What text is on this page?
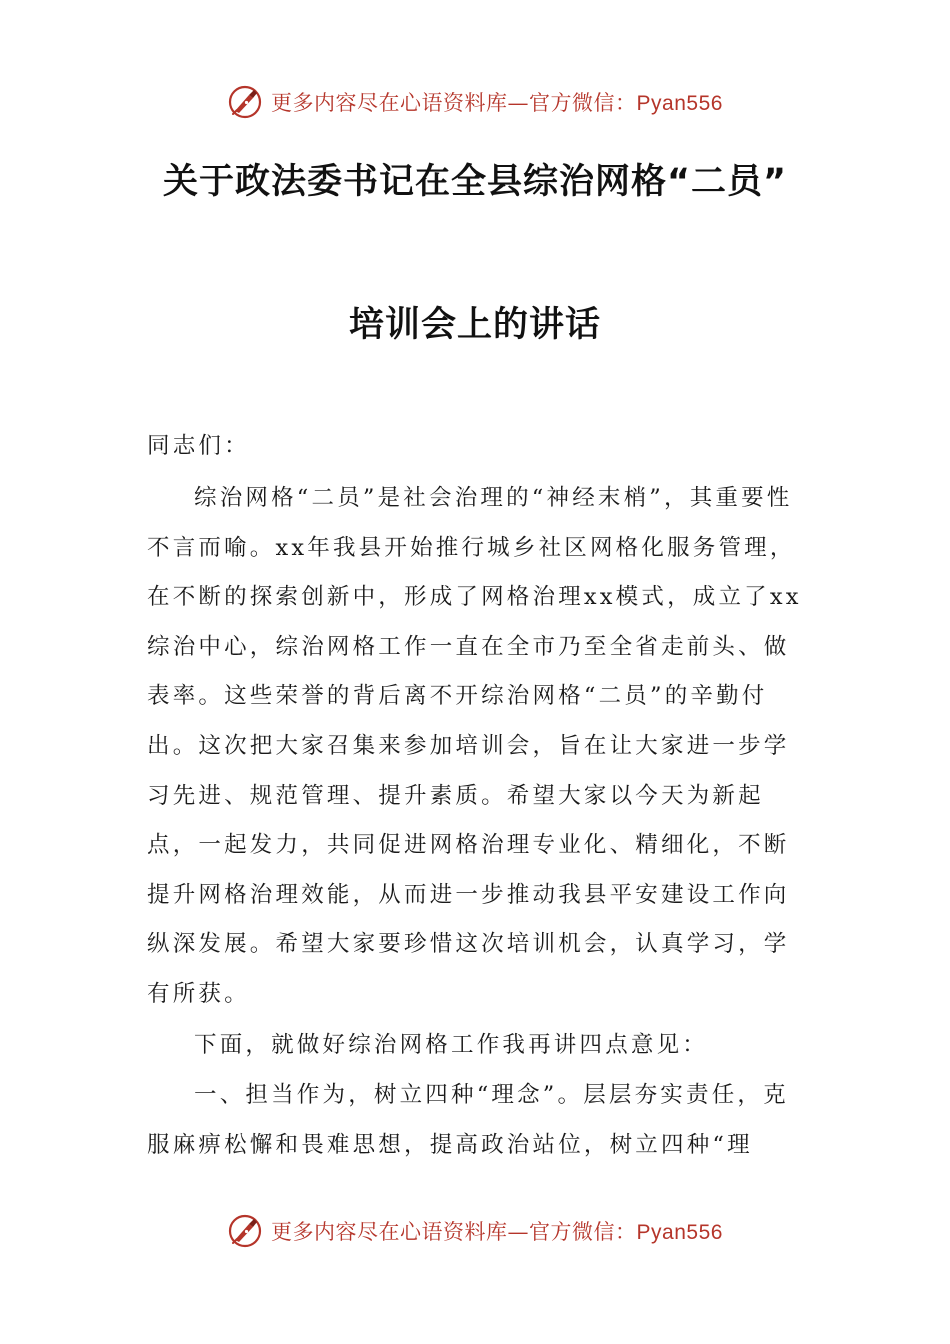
更多内容尽在心语资料库—官方微信：Pyan556
关于政法委书记在全县综治网格“二员”
培训会上的讲话

同志们：

综治网格“二员”是社会治理的“神经末梢”，其重要性不言而喻。xx年我县开始推行城乡社区网格化服务管理，在不断的探索创新中，形成了网格治理xx模式，成立了xx综治中心，综治网格工作一直在全市乃至全省走前头、做表率。这些荣誉的背后离不开综治网格“二员”的辛勤付出。这次把大家召集来参加培训会，旨在让大家进一步学习先进、规范管理、提升素质。希望大家以今天为新起点，一起发力，共同促进网格治理专业化、精细化，不断提升网格治理效能，从而进一步推动我县平安建设工作向纵深发展。希望大家要珍惜这次培训机会，认真学习，学有所获。

下面，就做好综治网格工作我再讲四点意见：

一、担当作为，树立四种“理念”。层层夯实责任，克服麻痹松懈和畏难思想，提高政治站位，树立四种“理

更多内容尽在心语资料库—官方微信：Pyan556
